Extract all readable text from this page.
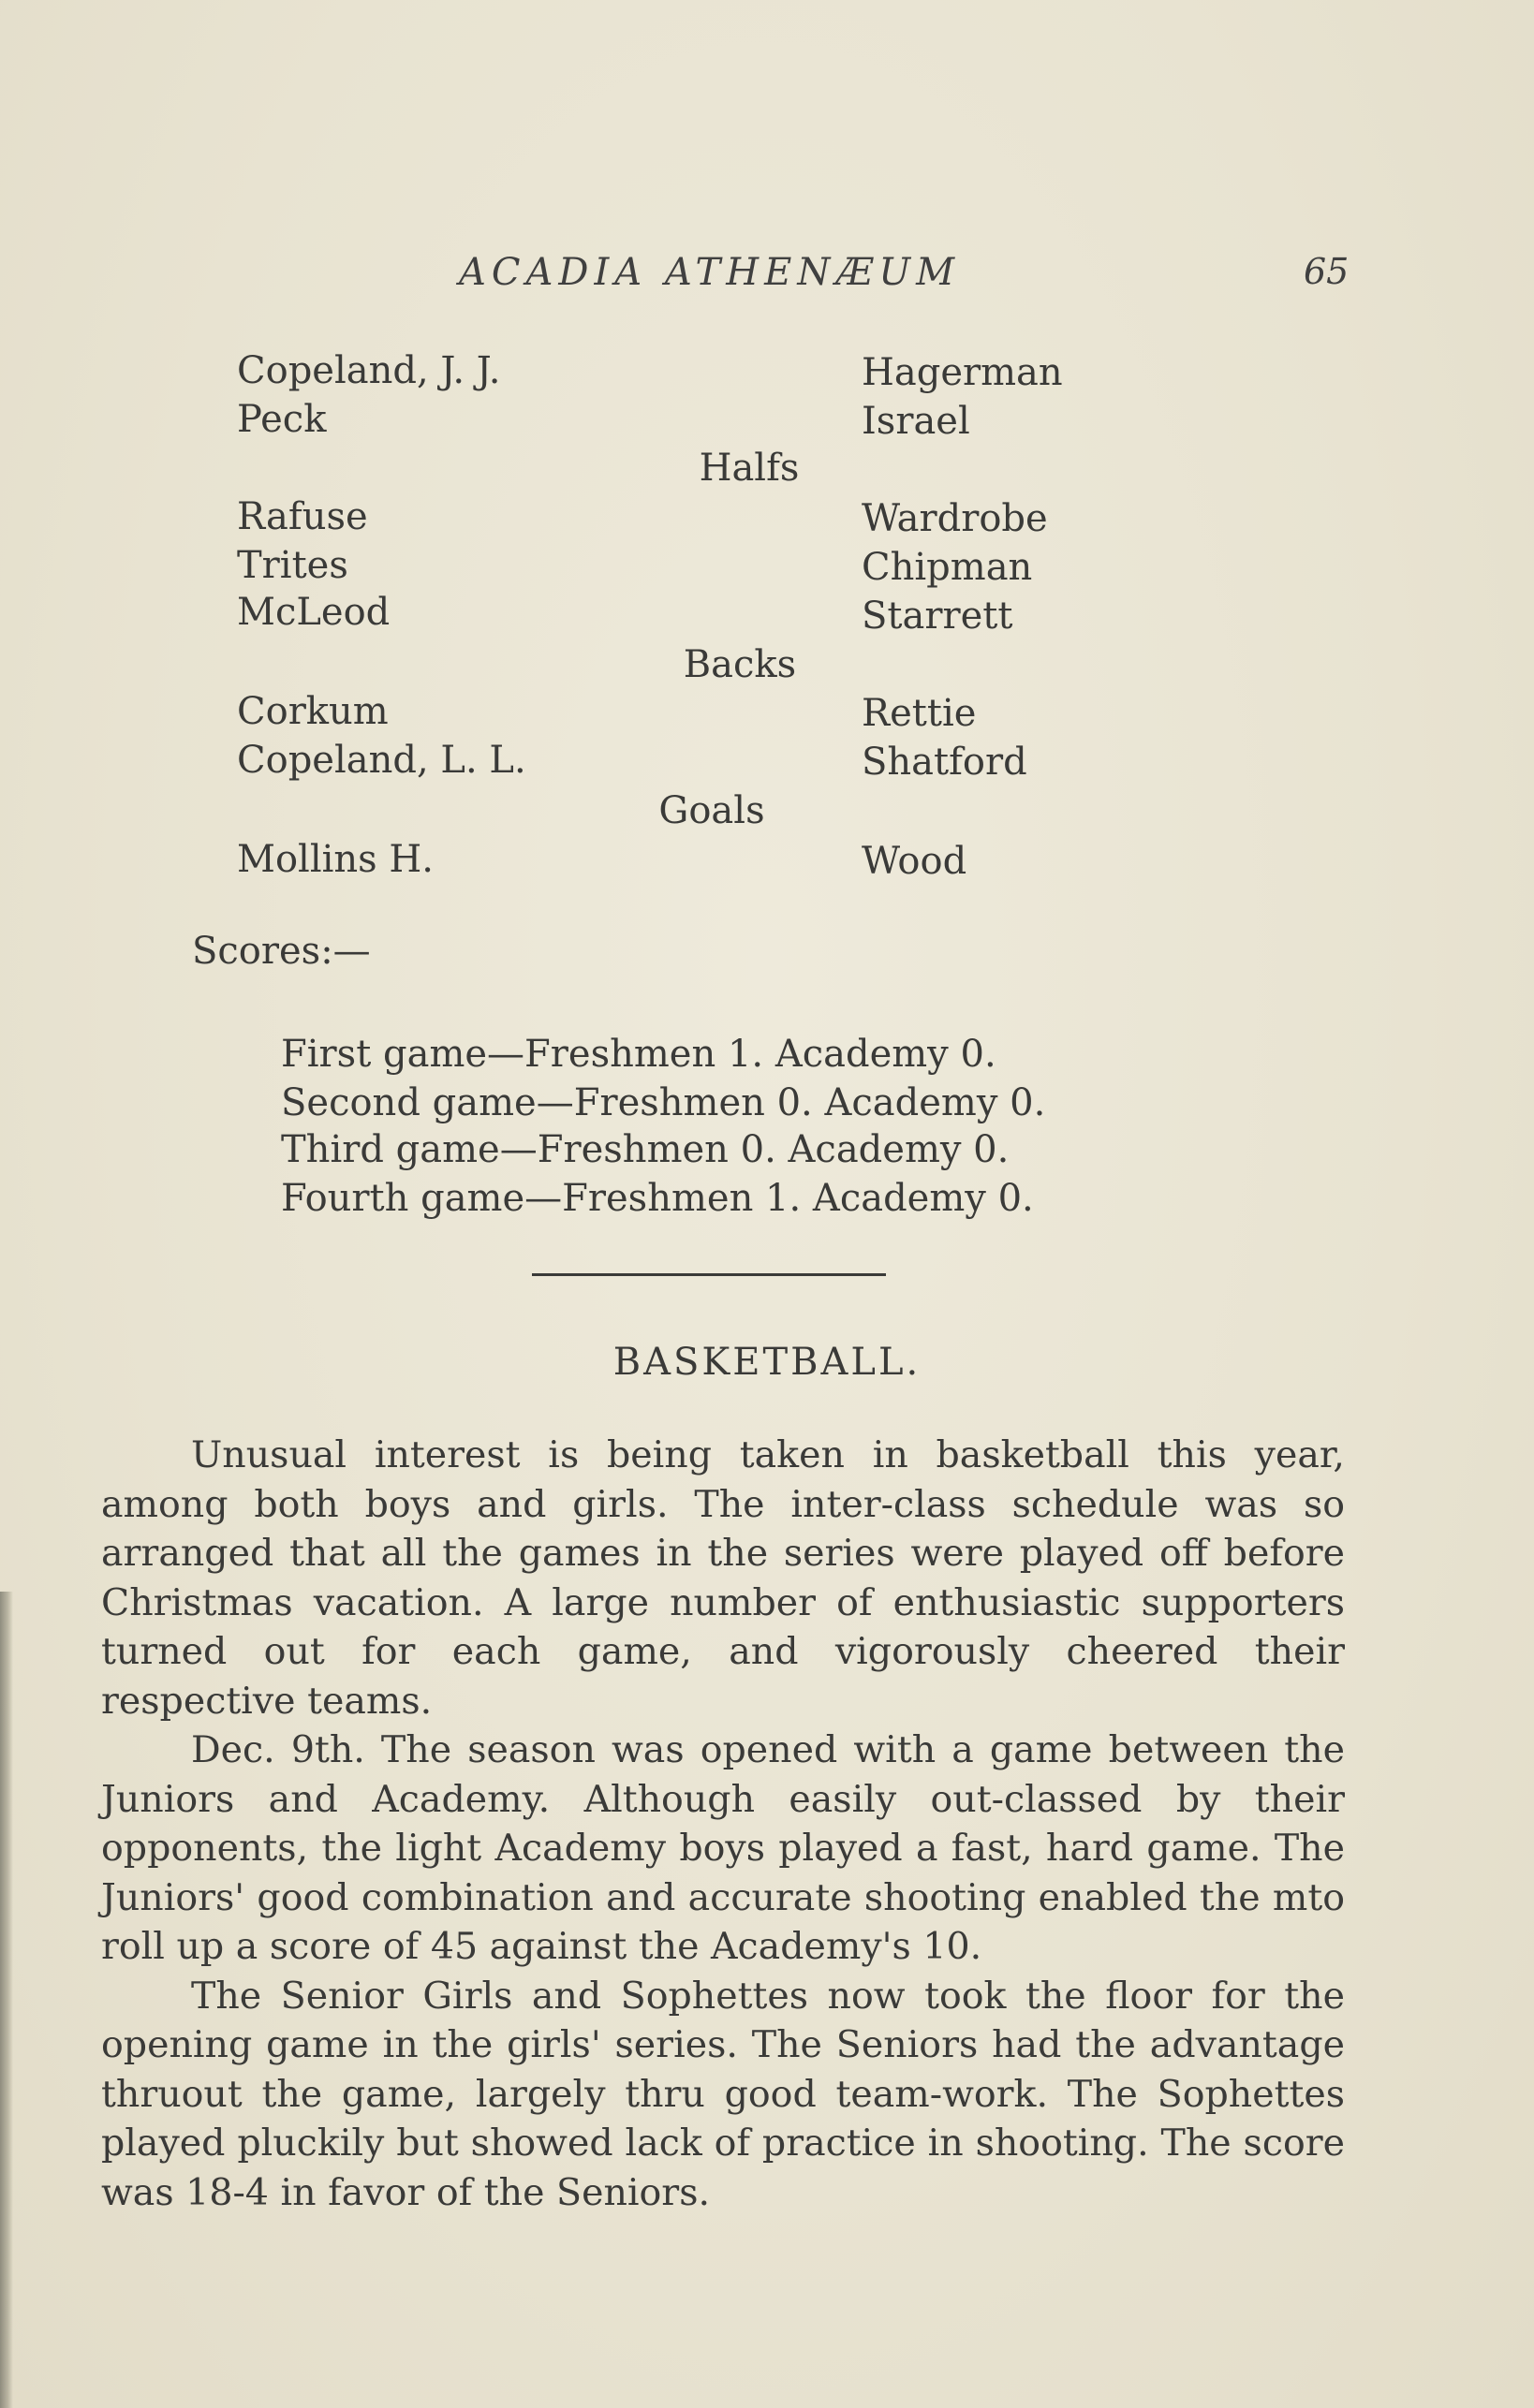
ACADIA ATHENÆUM	65
Copeland, J. J.	Hagerman
Peck	Israel
Halfs
Rafuse	Wardrobe
Trites	Chipman
McLeod	Starrett
Backs
Corkum	Rettie
Copeland, L. L.	Shatford
Goals
Mollins H.	Wood
Scores:—
First game—Freshmen 1. Academy 0.
Second game—Freshmen 0. Academy 0.
Third game—Freshmen 0. Academy 0.
Fourth game—Freshmen 1. Academy 0.
BASKETBALL.

Unusual interest is being taken in basketball this year, among both boys and girls. The inter-class schedule was so arranged that all the games in the series were played off before Christmas vacation. A large number of enthusiastic supporters turned out for each game, and vigorously cheered their respective teams.

Dec. 9th. The season was opened with a game between the Juniors and Academy. Although easily out-classed by their opponents, the light Academy boys played a fast, hard game. The Juniors' good combination and accurate shooting enabled the mto roll up a score of 45 against the Academy's 10.

The Senior Girls and Sophettes now took the floor for the opening game in the girls' series. The Seniors had the advantage thruout the game, largely thru good team-work. The Sophettes played pluckily but showed lack of practice in shooting. The score was 18-4 in favor of the Seniors.
